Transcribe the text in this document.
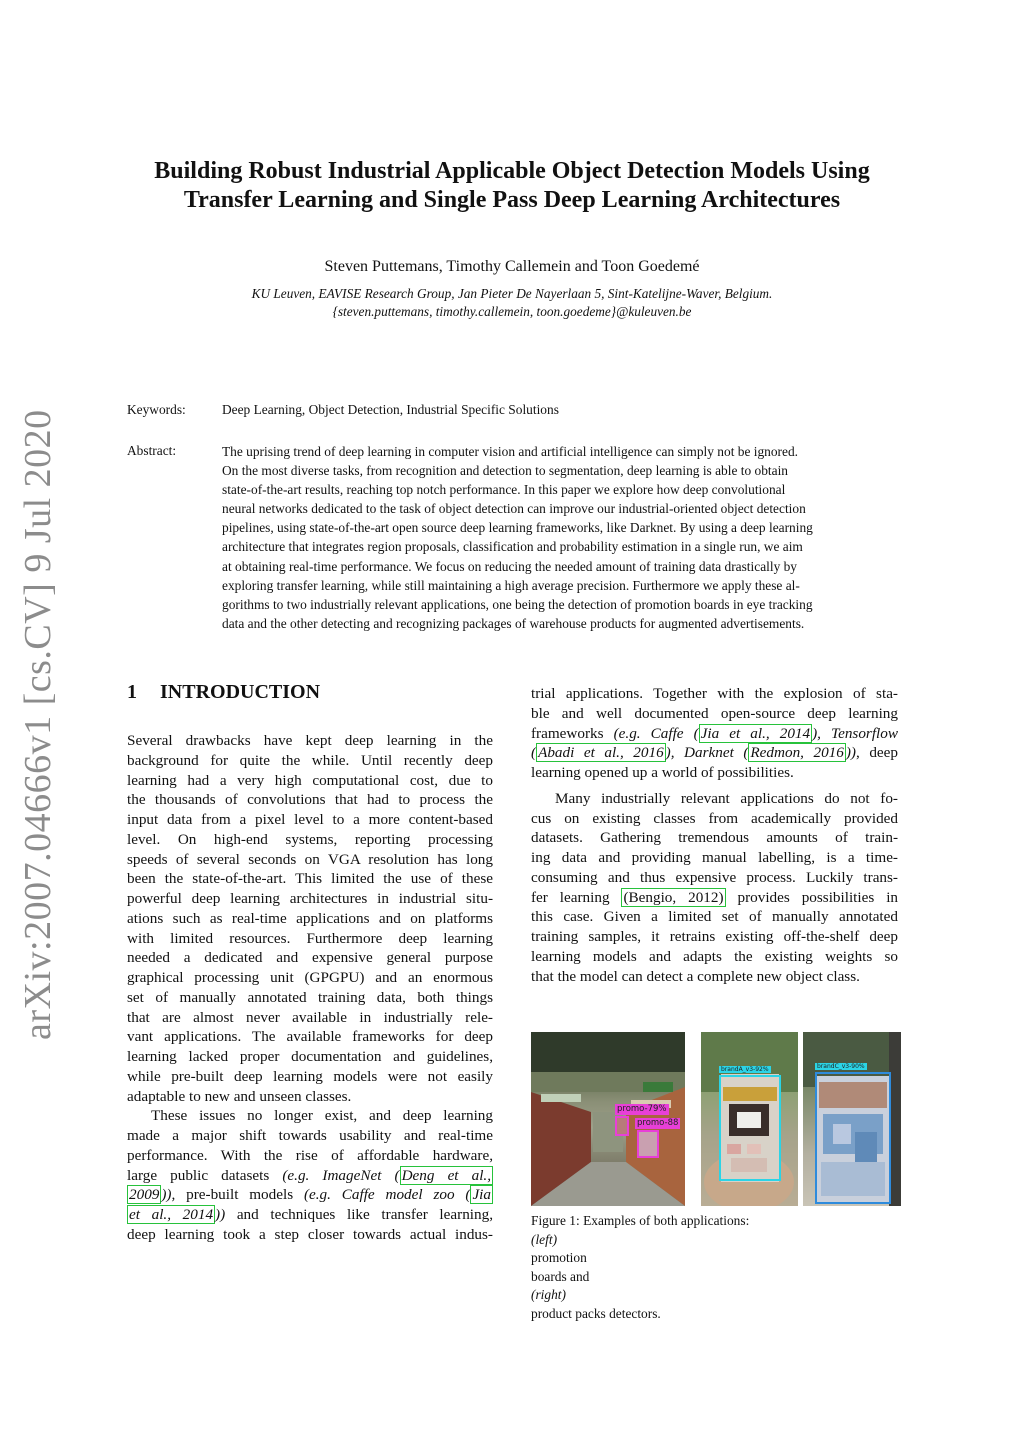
arXiv:2007.04666v1 [cs.CV] 9 Jul 2020
Building Robust Industrial Applicable Object Detection Models Using
Transfer Learning and Single Pass Deep Learning Architectures
Steven Puttemans, Timothy Callemein and Toon Goedemé
KU Leuven, EAVISE Research Group, Jan Pieter De Nayerlaan 5, Sint-Katelijne-Waver, Belgium.
{steven.puttemans, timothy.callemein, toon.goedeme}@kuleuven.be
Keywords:	Deep Learning, Object Detection, Industrial Specific Solutions
Abstract:	The uprising trend of deep learning in computer vision and artificial intelligence can simply not be ignored.
On the most diverse tasks, from recognition and detection to segmentation, deep learning is able to obtain
state-of-the-art results, reaching top notch performance. In this paper we explore how deep convolutional
neural networks dedicated to the task of object detection can improve our industrial-oriented object detection
pipelines, using state-of-the-art open source deep learning frameworks, like Darknet. By using a deep learning
architecture that integrates region proposals, classification and probability estimation in a single run, we aim
at obtaining real-time performance. We focus on reducing the needed amount of training data drastically by
exploring transfer learning, while still maintaining a high average precision. Furthermore we apply these al-
gorithms to two industrially relevant applications, one being the detection of promotion boards in eye tracking
data and the other detecting and recognizing packages of warehouse products for augmented advertisements.
1 INTRODUCTION
Several drawbacks have kept deep learning in the
background for quite the while. Until recently deep
learning had a very high computational cost, due to
the thousands of convolutions that had to process the
input data from a pixel level to a more content-based
level. On high-end systems, reporting processing
speeds of several seconds on VGA resolution has long
been the state-of-the-art. This limited the use of these
powerful deep learning architectures in industrial situ-
ations such as real-time applications and on platforms
with limited resources. Furthermore deep learning
needed a dedicated and expensive general purpose
graphical processing unit (GPGPU) and an enormous
set of manually annotated training data, both things
that are almost never available in industrially rele-
vant applications. The available frameworks for deep
learning lacked proper documentation and guidelines,
while pre-built deep learning models were not easily
adaptable to new and unseen classes.
These issues no longer exist, and deep learning
made a major shift towards usability and real-time
performance. With the rise of affordable hardware,
large public datasets (e.g. ImageNet ( Deng et al.,
2009 )), pre-built models (e.g. Caffe model zoo ( Jia
et al., 2014 )) and techniques like transfer learning,
deep learning took a step closer towards actual indus-
trial applications. Together with the explosion of sta-
ble and well documented open-source deep learning
frameworks (e.g. Caffe ( Jia et al., 2014 ), Tensorflow
( Abadi et al., 2016 ), Darknet ( Redmon, 2016 )), deep
learning opened up a world of possibilities.
Many industrially relevant applications do not fo-
cus on existing classes from academically provided
datasets. Gathering tremendous amounts of train-
ing data and providing manual labelling, is a time-
consuming and thus expensive process. Luckily trans-
fer learning (Bengio, 2012) provides possibilities in
this case. Given a limited set of manually annotated
training samples, it retrains existing off-the-shelf deep
learning models and adapts the existing weights so
that the model can detect a complete new object class.
promo-79%
promo-88
brandA_v3-92%	brandC_v3-90%
Figure 1: Examples of both applications:
(left)
promotion
boards and
(right)
product packs detectors.
